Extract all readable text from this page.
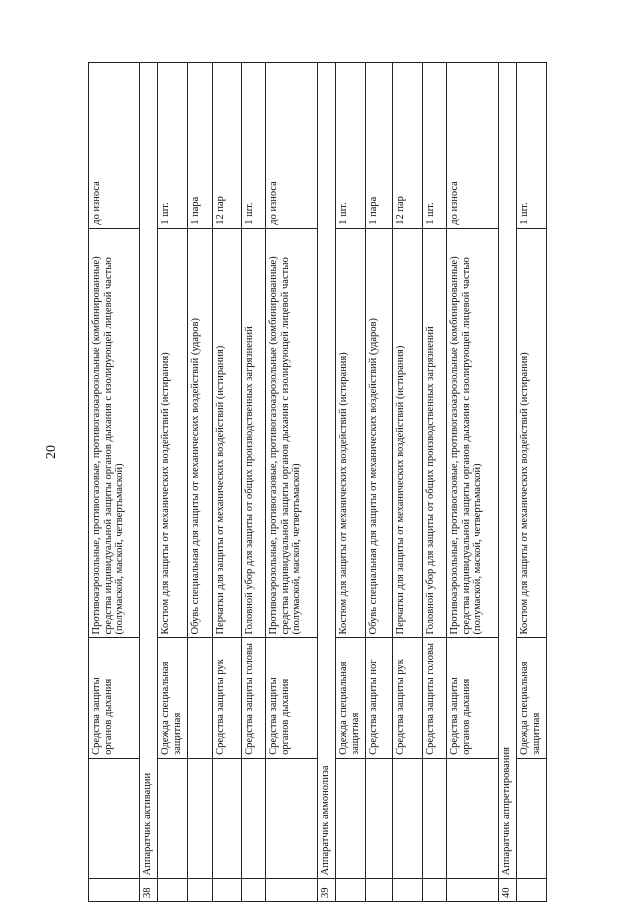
20
		Средства защиты органов дыхания	Противоаэрозольные, противогазовые, противогазоаэрозольные (комбинированные) средства индивидуальной защиты органов дыхания с изолирующей лицевой частью (полумаской, маской, четвертьмаской)	до износа
38	Аппаратчик активации			
		Одежда специальная защитная	Костюм для защиты от механических воздействий (истирания)	1 шт.
			Обувь специальная для защиты от механических воздействий (ударов)	1 пара
		Средства защиты рук	Перчатки для защиты от механических воздействий (истирания)	12 пар
		Средства защиты головы	Головной убор для защиты от общих производственных загрязнений	1 шт.
		Средства защиты органов дыхания	Противоаэрозольные, противогазовые, противогазоаэрозольные (комбинированные) средства индивидуальной защиты органов дыхания с изолирующей лицевой частью (полумаской, маской, четвертьмаской)	до износа
39	Аппаратчик аммонолиза			
		Одежда специальная защитная	Костюм для защиты от механических воздействий (истирания)	1 шт.
		Средства защиты ног	Обувь специальная для защиты от механических воздействий (ударов)	1 пара
		Средства защиты рук	Перчатки для защиты от механических воздействий (истирания)	12 пар
		Средства защиты головы	Головной убор для защиты от общих производственных загрязнений	1 шт.
		Средства защиты органов дыхания	Противоаэрозольные, противогазовые, противогазоаэрозольные (комбинированные) средства индивидуальной защиты органов дыхания с изолирующей лицевой частью (полумаской, маской, четвертьмаской)	до износа
40	Аппаратчик аппретирования			
		Одежда специальная защитная	Костюм для защиты от механических воздействий (истирания)	1 шт.
